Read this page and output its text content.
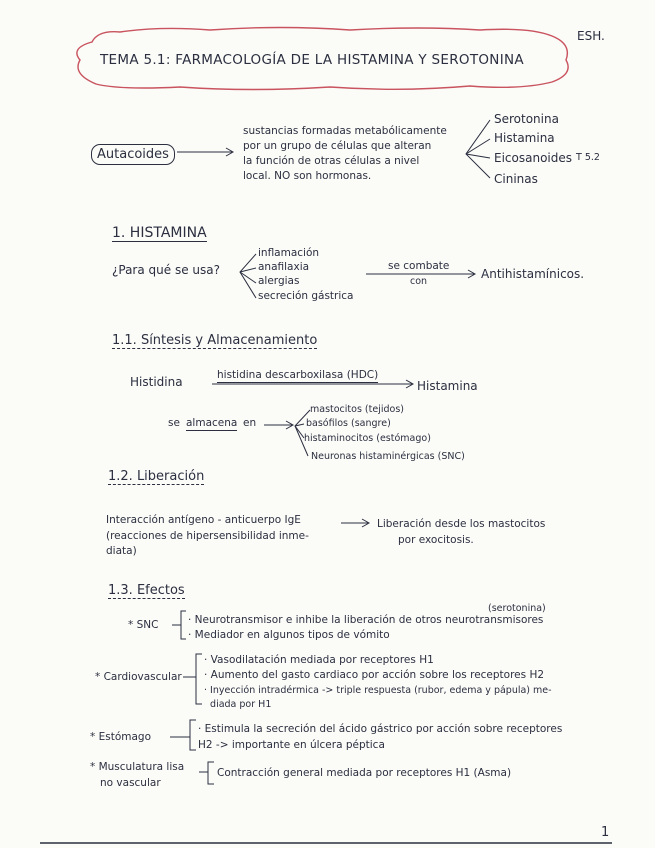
ESH.
TEMA 5.1: FARMACOLOGÍA DE LA HISTAMINA Y SEROTONINA
Autacoides
sustancias formadas metabólicamente
por un grupo de células que alteran
la función de otras células a nivel
local. NO son hormonas.
Serotonina
Histamina
Eicosanoides T 5.2
Cininas
1. HISTAMINA
¿Para qué se usa?
inflamación
anafilaxia
alergias
secreción gástrica
se combate
con
Antihistamínicos.
1.1. Síntesis y Almacenamiento
Histidina	histidina descarboxilasa (HDC)
Histamina
se almacena en
mastocitos (tejidos)
basófilos (sangre)
histaminocitos (estómago)
Neuronas histaminérgicas (SNC)
1.2. Liberación
Interacción antígeno - anticuerpo IgE
(reacciones de hipersensibilidad inme-
diata)
Liberación desde los mastocitos
por exocitosis.
1.3. Efectos
* SNC
(serotonina)
· Neurotransmisor e inhibe la liberación de otros neurotransmisores
· Mediador en algunos tipos de vómito
* Cardiovascular
· Vasodilatación mediada por receptores H1
· Aumento del gasto cardiaco por acción sobre los receptores H2
· Inyección intradérmica -> triple respuesta (rubor, edema y pápula) me-
diada por H1
* Estómago
· Estimula la secreción del ácido gástrico por acción sobre receptores
H2 -> importante en úlcera péptica
* Musculatura lisa
no vascular
Contracción general mediada por receptores H1 (Asma)
1
